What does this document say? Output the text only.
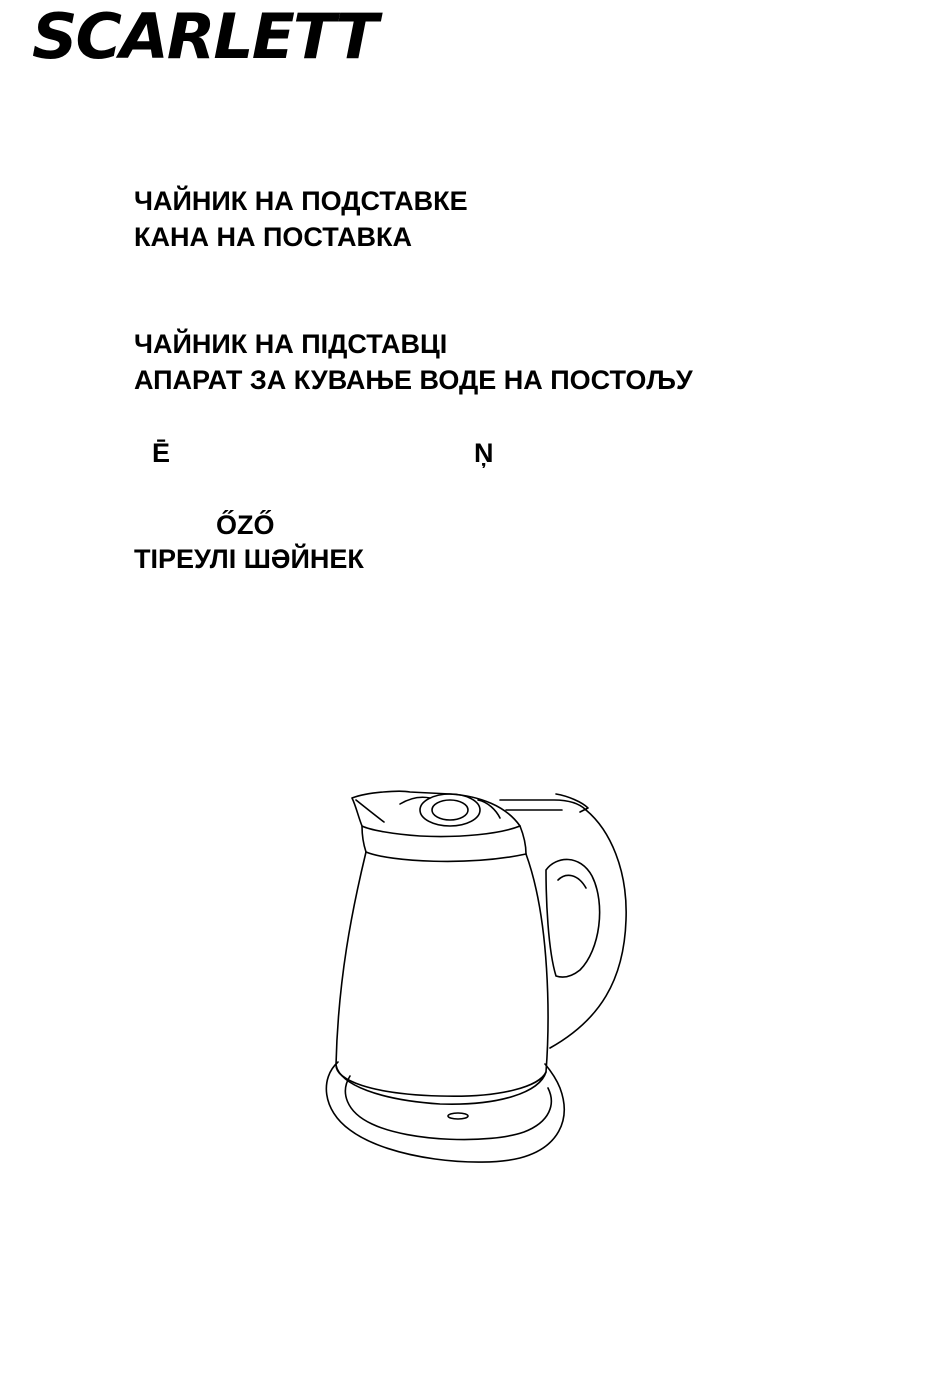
SCARLETT
ЧАЙНИК НА ПОДСТАВКЕ
КАНА НА ПОСТАВКА
ЧАЙНИК НА ПІДСТАВЦІ
АПАРАТ ЗА КУВАЊЕ ВОДЕ НА ПОСТОЉУ
Ē	Ņ
ŐZŐ
ТІРЕУЛІ ШӘЙНЕК
